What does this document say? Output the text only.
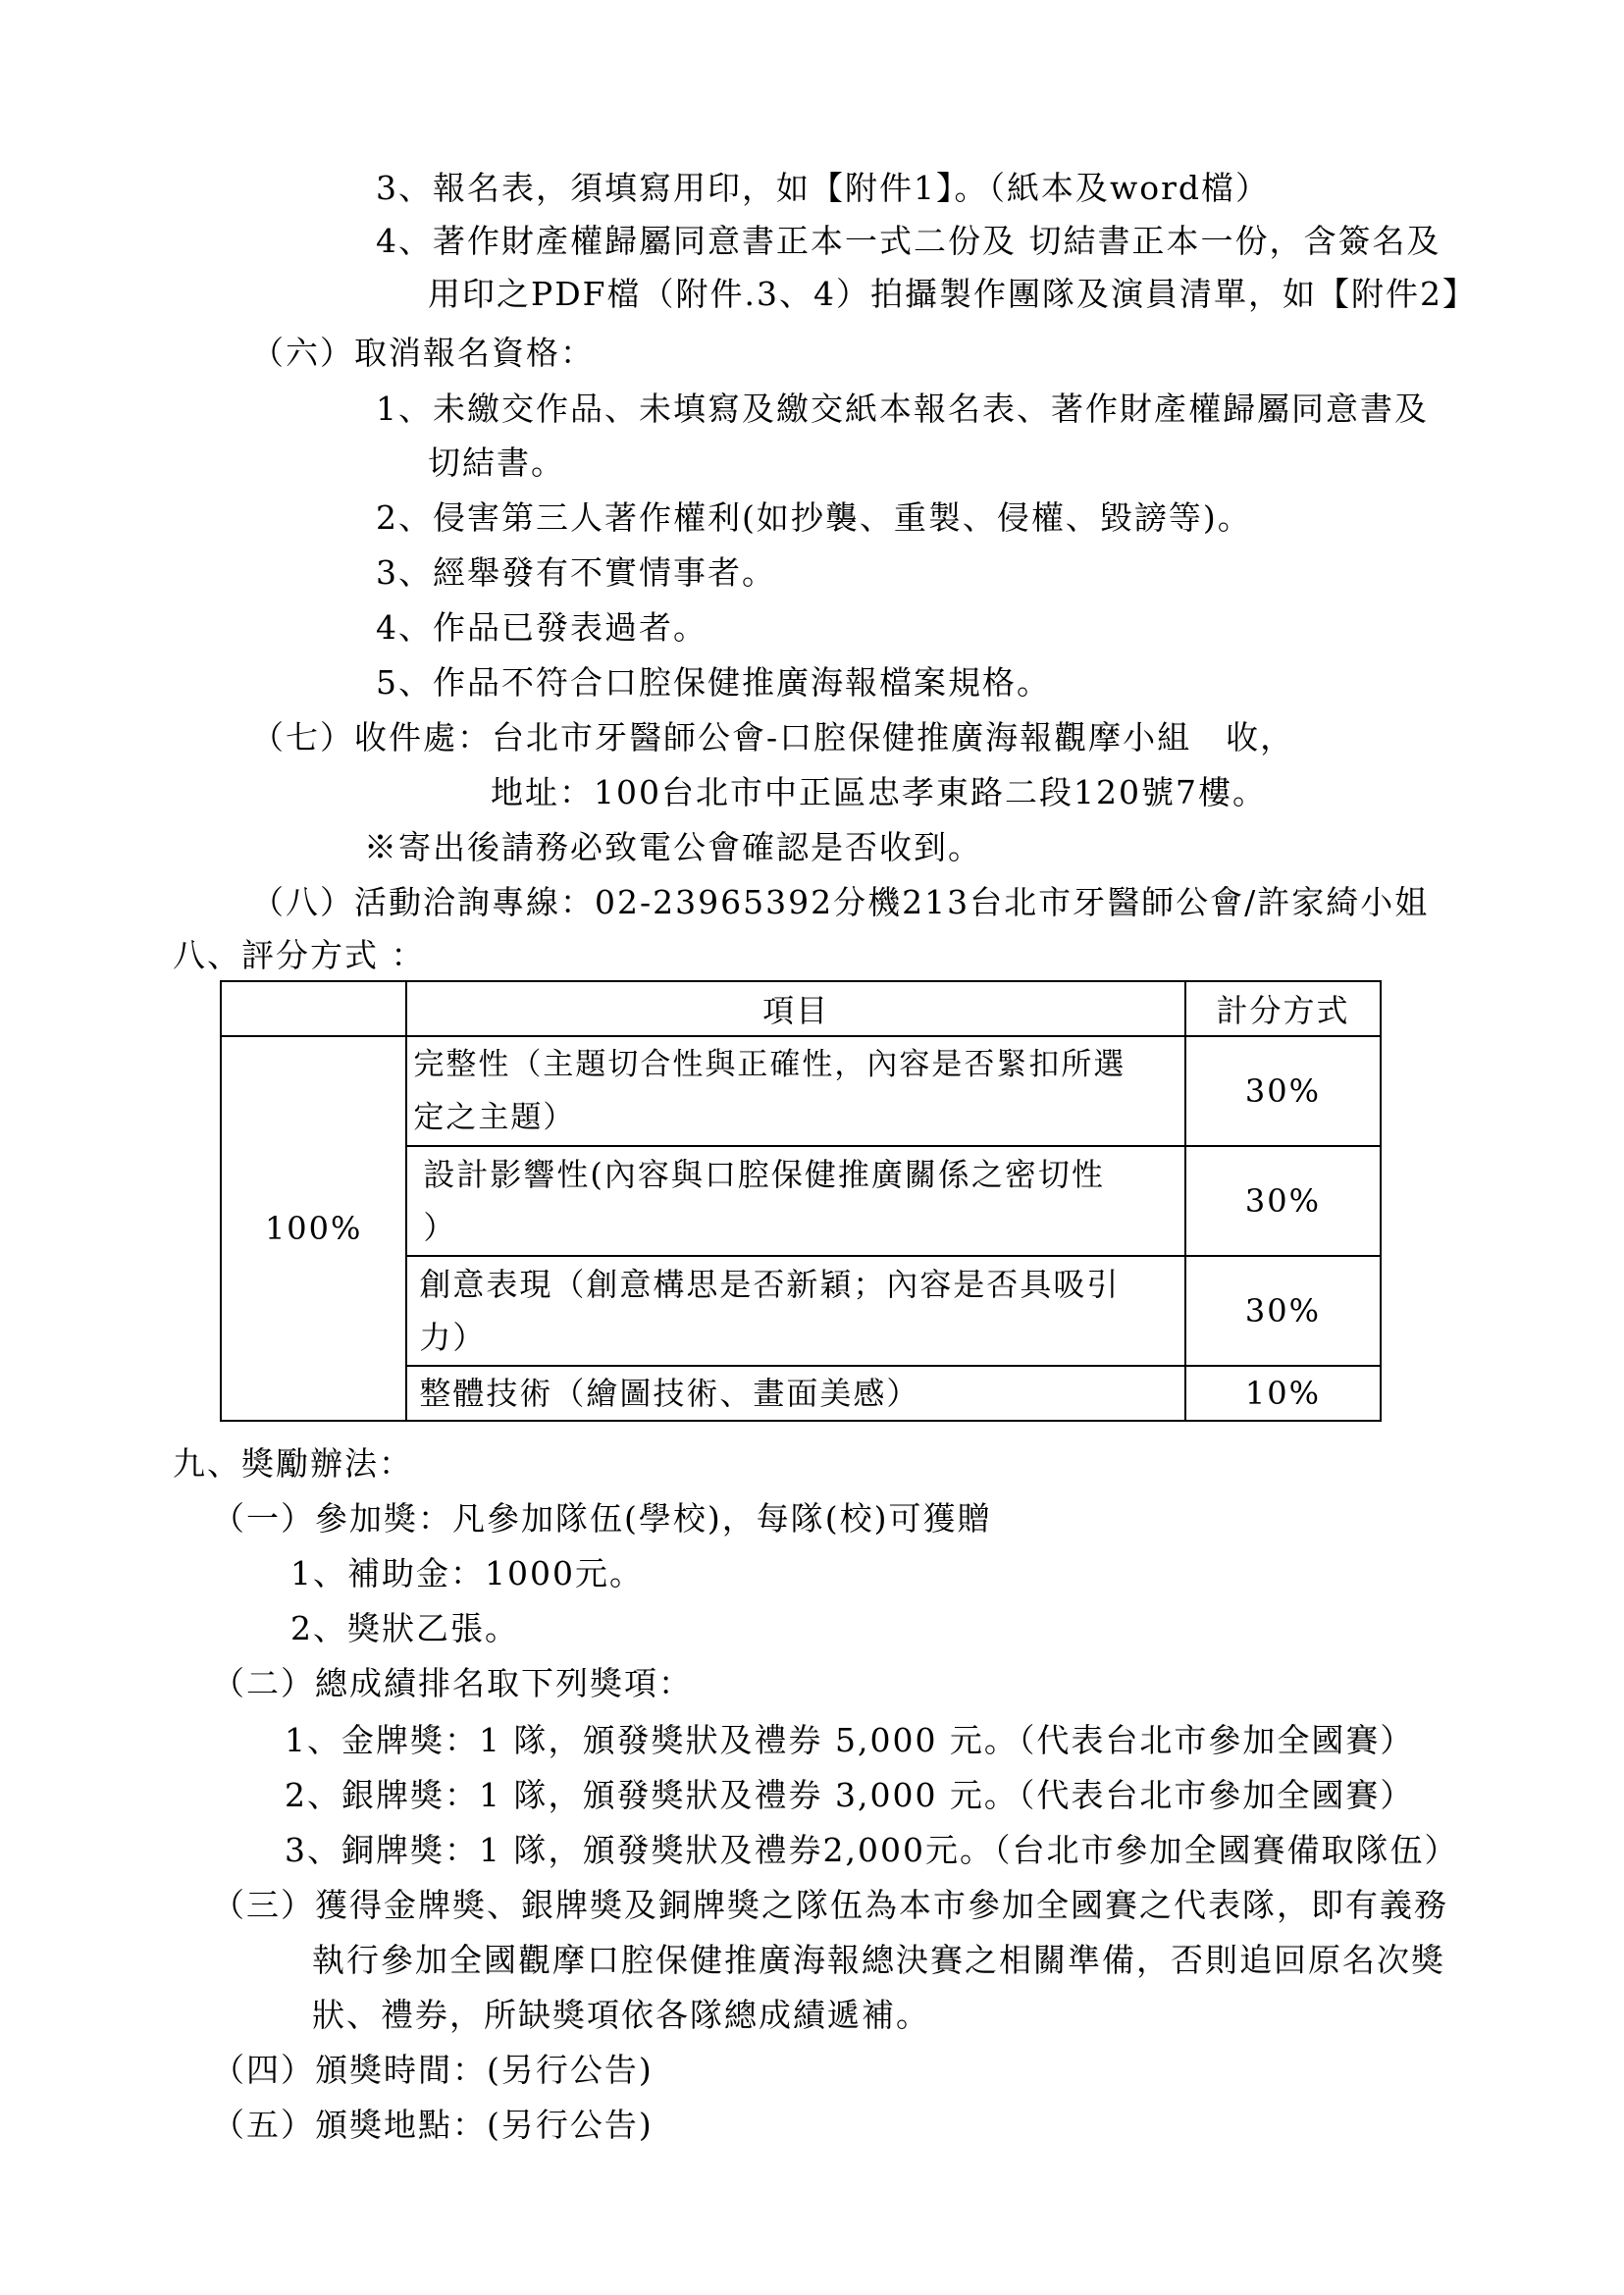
3、報名表，須填寫用印，如【附件1】。（紙本及word檔）
4、著作財產權歸屬同意書正本一式二份及 切結書正本一份，含簽名及
用印之PDF檔（附件.3、4）拍攝製作團隊及演員清單，如【附件2】
（六）取消報名資格：
1、未繳交作品、未填寫及繳交紙本報名表、著作財產權歸屬同意書及
切結書。
2、侵害第三人著作權利(如抄襲、重製、侵權、毀謗等)。
3、經舉發有不實情事者。
4、作品已發表過者。
5、作品不符合口腔保健推廣海報檔案規格。
（七）收件處：台北市牙醫師公會-口腔保健推廣海報觀摩小組　收，
地址：100台北市中正區忠孝東路二段120號7樓。
※寄出後請務必致電公會確認是否收到。
（八）活動洽詢專線：02-23965392分機213台北市牙醫師公會/許家綺小姐
八、評分方式 ：
	項目	計分方式
100%	完整性（主題切合性與正確性，內容是否緊扣所選
定之主題）	30%

	設計影響性(內容與口腔保健推廣關係之密切性
）	30%

	創意表現（創意構思是否新穎；內容是否具吸引
力）	30%

	整體技術（繪圖技術、畫面美感）	10%
九、獎勵辦法：
（一）參加獎：凡參加隊伍(學校)，每隊(校)可獲贈
1、補助金：1000元。
2、獎狀乙張。
（二）總成績排名取下列獎項：
1、金牌獎：1 隊，頒發獎狀及禮券 5,000 元。（代表台北市參加全國賽）
2、銀牌獎：1 隊，頒發獎狀及禮券 3,000 元。（代表台北市參加全國賽）
3、銅牌獎：1 隊，頒發獎狀及禮券2,000元。（台北市參加全國賽備取隊伍）
（三）獲得金牌獎、銀牌獎及銅牌獎之隊伍為本市參加全國賽之代表隊，即有義務
執行參加全國觀摩口腔保健推廣海報總決賽之相關準備，否則追回原名次獎
狀、禮券，所缺獎項依各隊總成績遞補。
（四）頒獎時間：(另行公告)
（五）頒獎地點：(另行公告)
